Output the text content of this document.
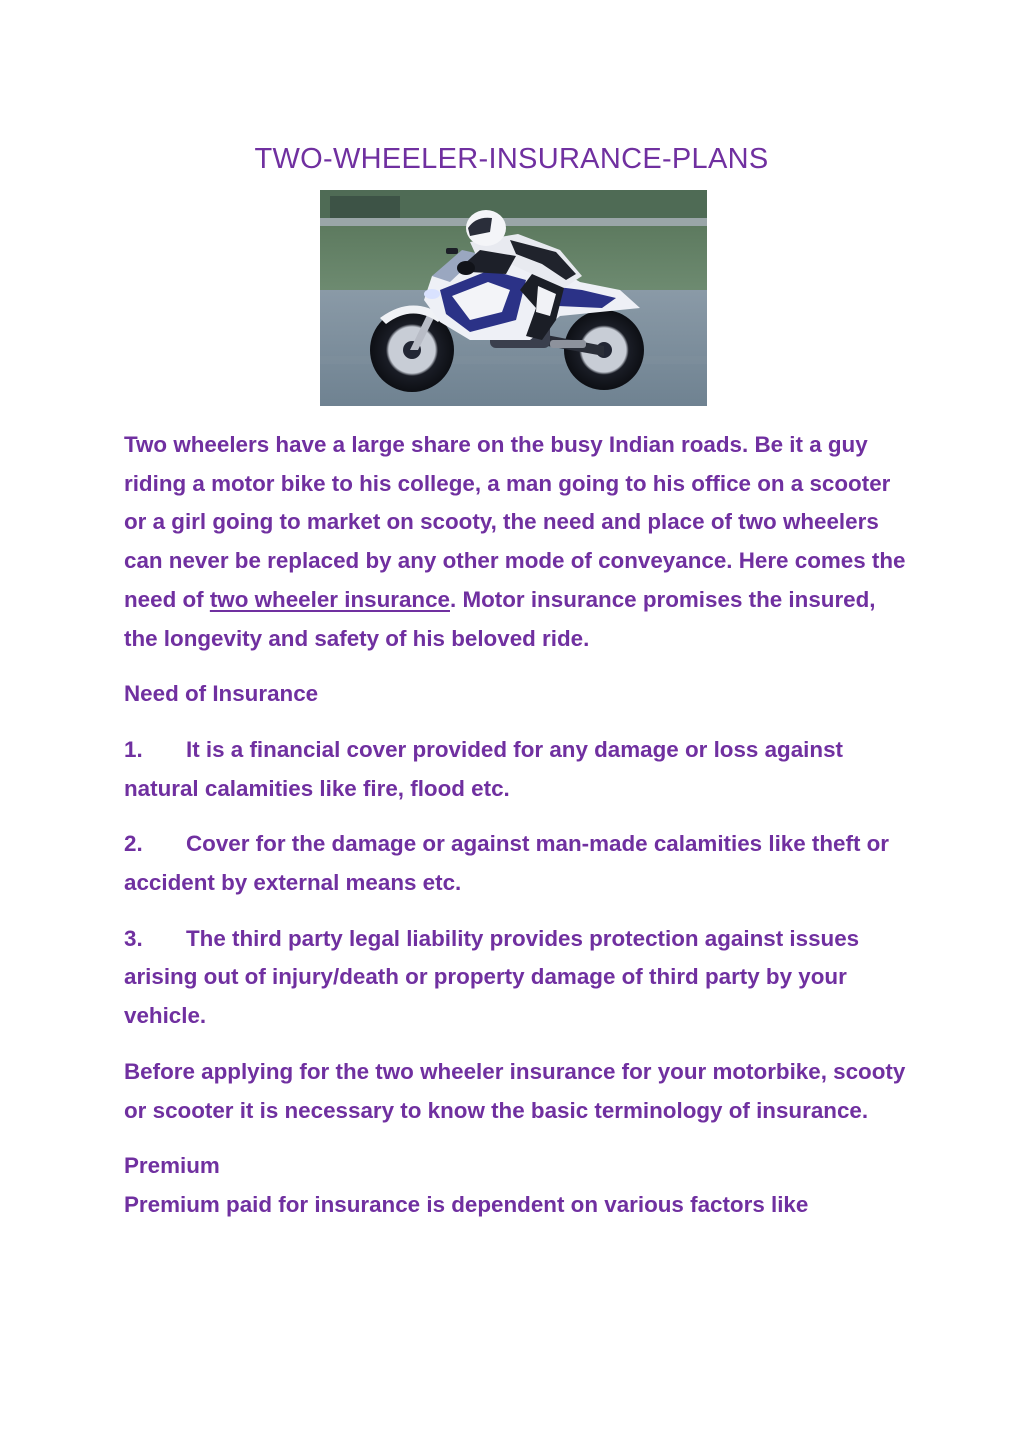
TWO-WHEELER-INSURANCE-PLANS

Two wheelers have a large share on the busy Indian roads. Be it a guy riding a motor bike to his college, a man going to his office on a scooter or a girl going to market on scooty, the need and place of two wheelers can never be replaced by any other mode of conveyance. Here comes the need of two wheeler insurance. Motor insurance promises the insured, the longevity and safety of his beloved ride.

Need of Insurance

1. It is a financial cover provided for any damage or loss against natural calamities like fire, flood etc.

2. Cover for the damage or against man-made calamities like theft or accident by external means etc.

3. The third party legal liability provides protection against issues arising out of injury/death or property damage of third party by your vehicle.

Before applying for the two wheeler insurance for your motorbike, scooty or scooter it is necessary to know the basic terminology of insurance.

Premium

Premium paid for insurance is dependent on various factors like
